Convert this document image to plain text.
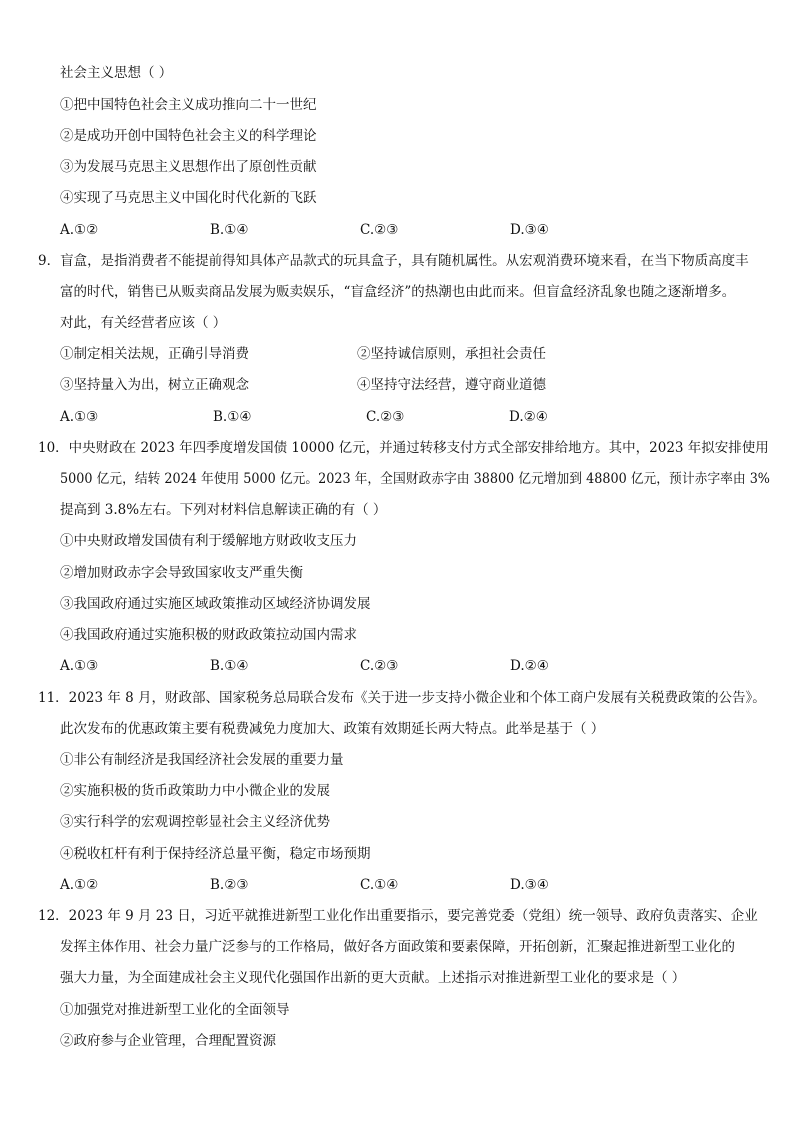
社会主义思想（ ）
①把中国特色社会主义成功推向二十一世纪
②是成功开创中国特色社会主义的科学理论
③为发展马克思主义思想作出了原创性贡献
④实现了马克思主义中国化时代化新的飞跃
A.①②	B.①④	C.②③	D.③④
9．盲盒，是指消费者不能提前得知具体产品款式的玩具盒子，具有随机属性。从宏观消费环境来看，在当下物质高度丰
富的时代，销售已从贩卖商品发展为贩卖娱乐，“盲盒经济”的热潮也由此而来。但盲盒经济乱象也随之逐渐增多。
对此，有关经营者应该（ ）
①制定相关法规，正确引导消费	②坚持诚信原则，承担社会责任
③坚持量入为出，树立正确观念	④坚持守法经营，遵守商业道德
A.①③	B.①④	C.②③	D.②④
10．中央财政在 2023 年四季度增发国债 10000 亿元，并通过转移支付方式全部安排给地方。其中，2023 年拟安排使用
5000 亿元，结转 2024 年使用 5000 亿元。2023 年，全国财政赤字由 38800 亿元增加到 48800 亿元，预计赤字率由 3%
提高到 3.8%左右。下列对材料信息解读正确的有（ ）
①中央财政增发国债有利于缓解地方财政收支压力
②增加财政赤字会导致国家收支严重失衡
③我国政府通过实施区域政策推动区域经济协调发展
④我国政府通过实施积极的财政政策拉动国内需求
A.①③	B.①④	C.②③	D.②④
11．2023 年 8 月，财政部、国家税务总局联合发布《关于进一步支持小微企业和个体工商户发展有关税费政策的公告》。
此次发布的优惠政策主要有税费减免力度加大、政策有效期延长两大特点。此举是基于（ ）
①非公有制经济是我国经济社会发展的重要力量
②实施积极的货币政策助力中小微企业的发展
③实行科学的宏观调控彰显社会主义经济优势
④税收杠杆有利于保持经济总量平衡，稳定市场预期
A.①②	B.②③	C.①④	D.③④
12．2023 年 9 月 23 日，习近平就推进新型工业化作出重要指示，要完善党委（党组）统一领导、政府负责落实、企业
发挥主体作用、社会力量广泛参与的工作格局，做好各方面政策和要素保障，开拓创新，汇聚起推进新型工业化的
强大力量，为全面建成社会主义现代化强国作出新的更大贡献。上述指示对推进新型工业化的要求是（ ）
①加强党对推进新型工业化的全面领导
②政府参与企业管理，合理配置资源
